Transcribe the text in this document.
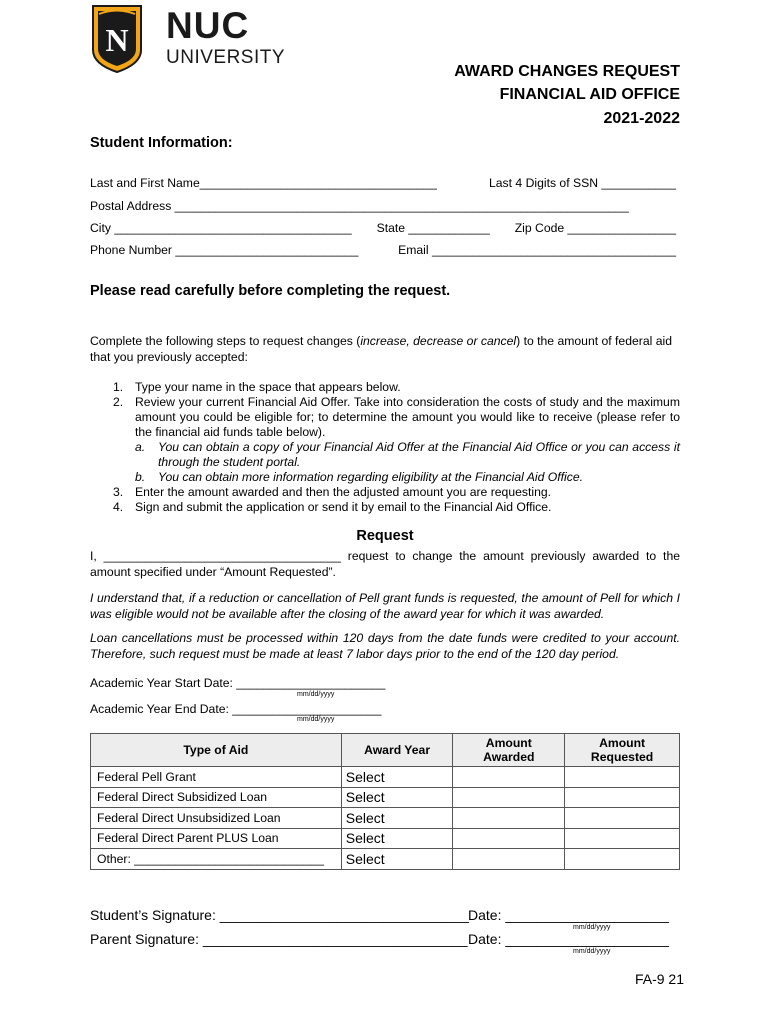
N NUC
UNIVERSITY
AWARD CHANGES REQUEST
FINANCIAL AID OFFICE
2021-2022
Student Information:
Last and First Name___________________________________	Last 4 Digits of SSN ___________
Postal Address ___________________________________________________________________
City ___________________________________ State ____________ Zip Code ________________
Phone Number ___________________________	Email ____________________________________
Please read carefully before completing the request.
Complete the following steps to request changes (increase, decrease or cancel) to the amount of federal aid that you previously accepted:
1. Type your name in the space that appears below.
2. Review your current Financial Aid Offer. Take into consideration the costs of study and the maximum amount you could be eligible for; to determine the amount you would like to receive (please refer to the financial aid funds table below).
a. You can obtain a copy of your Financial Aid Offer at the Financial Aid Office or you can access it through the student portal.
b. You can obtain more information regarding eligibility at the Financial Aid Office.
3. Enter the amount awarded and then the adjusted amount you are requesting.
4. Sign and submit the application or send it by email to the Financial Aid Office.
Request
I, ___________________________________ request to change the amount previously awarded to the amount specified under “Amount Requested”.
I understand that, if a reduction or cancellation of Pell grant funds is requested, the amount of Pell for which I was eligible would not be available after the closing of the award year for which it was awarded.
Loan cancellations must be processed within 120 days from the date funds were credited to your account. Therefore, such request must be made at least 7 labor days prior to the end of the 120 day period.
Academic Year Start Date: ______________________
mm/dd/yyyy
Academic Year End Date: ______________________
mm/dd/yyyy
Type of Aid	Award Year	Amount Awarded	Amount Requested
Federal Pell Grant	Select		
Federal Direct Subsidized Loan	Select		
Federal Direct Unsubsidized Loan	Select		
Federal Direct Parent PLUS Loan	Select		
Other: ____________________________	Select		
Student’s Signature: ________________________________ Date: _____________________
mm/dd/yyyy
Parent Signature: __________________________________ Date: _____________________
mm/dd/yyyy
FA-9 21
